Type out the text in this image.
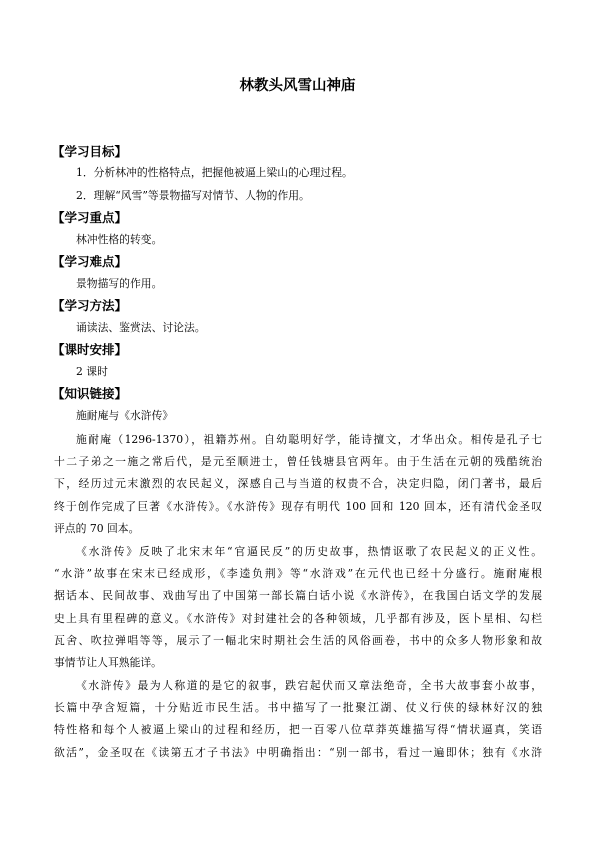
林教头风雪山神庙
【学习目标】
1．分析林冲的性格特点，把握他被逼上梁山的心理过程。
2．理解“风雪”等景物描写对情节、人物的作用。
【学习重点】
林冲性格的转变。
【学习难点】
景物描写的作用。
【学习方法】
诵读法、鉴赏法、讨论法。
【课时安排】
2 课时
【知识链接】
施耐庵与《水浒传》
施耐庵（1296-1370），祖籍苏州。自幼聪明好学，能诗擅文，才华出众。相传是孔子七
十二子弟之一施之常后代，是元至顺进士，曾任钱塘县官两年。由于生活在元朝的残酷统治
下，经历过元末激烈的农民起义，深感自己与当道的权贵不合，决定归隐，闭门著书，最后
终于创作完成了巨著《水浒传》。《水浒传》现存有明代 100 回和 120 回本，还有清代金圣叹
评点的 70 回本。
《水浒传》反映了北宋末年“官逼民反”的历史故事，热情讴歌了农民起义的正义性。
“水浒”故事在宋末已经成形，《李逵负荆》等“水浒戏”在元代也已经十分盛行。施耐庵根
据话本、民间故事、戏曲写出了中国第一部长篇白话小说《水浒传》，在我国白话文学的发展
史上具有里程碑的意义。《水浒传》对封建社会的各种领域，几乎都有涉及，医卜星相、勾栏
瓦舍、吹拉弹唱等等，展示了一幅北宋时期社会生活的风俗画卷，书中的众多人物形象和故
事情节让人耳熟能详。
《水浒传》最为人称道的是它的叙事，跌宕起伏而又章法绝奇，全书大故事套小故事，
长篇中孕含短篇，十分贴近市民生活。书中描写了一批聚江湖、仗义行侠的绿林好汉的独
特性格和每个人被逼上梁山的过程和经历，把一百零八位草莽英雄描写得“情状逼真，笑语
欲活”，金圣叹在《读第五才子书法》中明确指出：“别一部书，看过一遍即休；独有《水浒
